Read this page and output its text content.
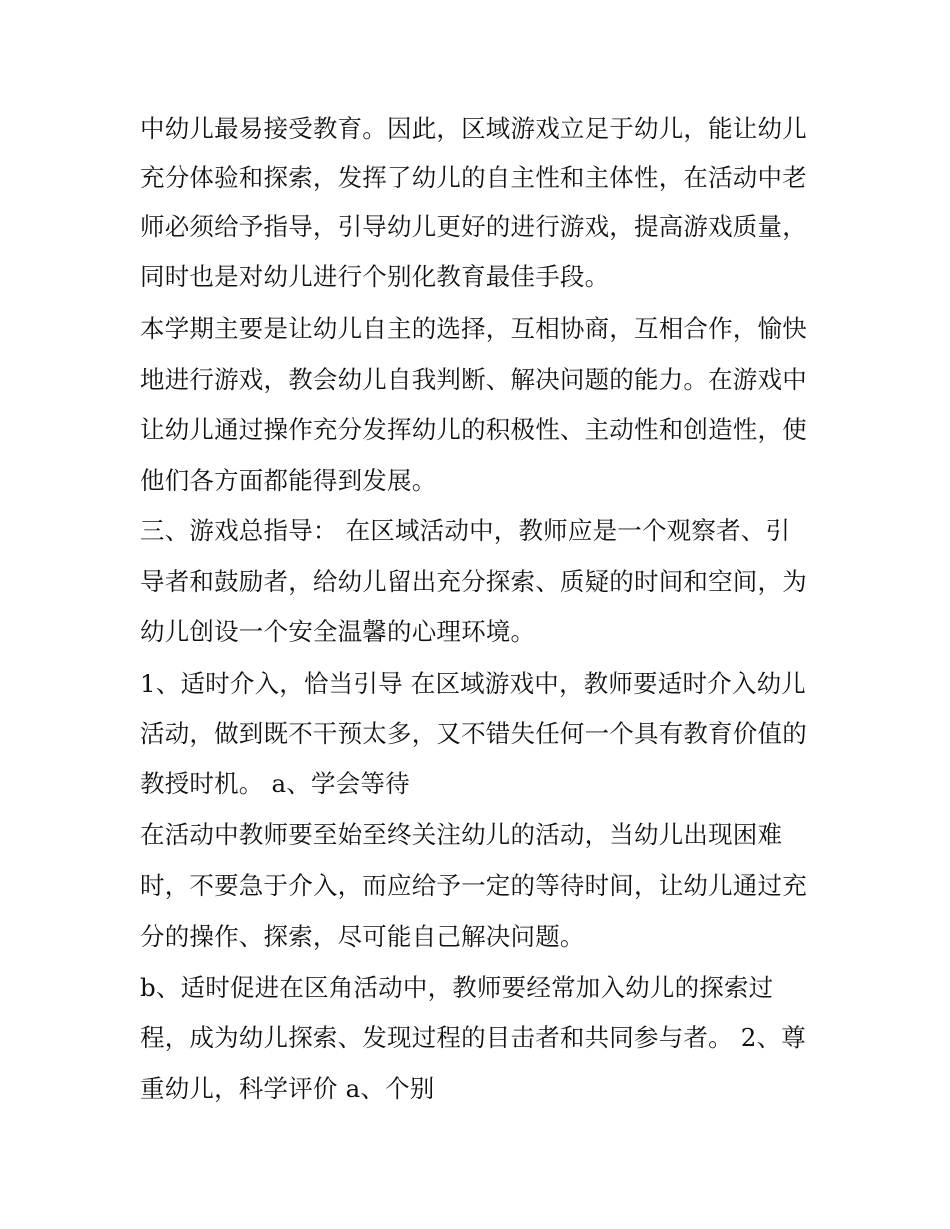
中幼儿最易接受教育。因此，区域游戏立足于幼儿，能让幼儿
充分体验和探索，发挥了幼儿的自主性和主体性，在活动中老
师必须给予指导，引导幼儿更好的进行游戏，提高游戏质量，
同时也是对幼儿进行个别化教育最佳手段。
本学期主要是让幼儿自主的选择，互相协商，互相合作，愉快
地进行游戏，教会幼儿自我判断、解决问题的能力。在游戏中
让幼儿通过操作充分发挥幼儿的积极性、主动性和创造性，使
他们各方面都能得到发展。
三、游戏总指导： 在区域活动中，教师应是一个观察者、引
导者和鼓励者，给幼儿留出充分探索、质疑的时间和空间，为
幼儿创设一个安全温馨的心理环境。
1、适时介入，恰当引导 在区域游戏中，教师要适时介入幼儿
活动，做到既不干预太多，又不错失任何一个具有教育价值的
教授时机。 a、学会等待
在活动中教师要至始至终关注幼儿的活动，当幼儿出现困难
时，不要急于介入，而应给予一定的等待时间，让幼儿通过充
分的操作、探索，尽可能自己解决问题。
b、适时促进在区角活动中，教师要经常加入幼儿的探索过
程，成为幼儿探索、发现过程的目击者和共同参与者。 2、尊
重幼儿，科学评价 a、个别
